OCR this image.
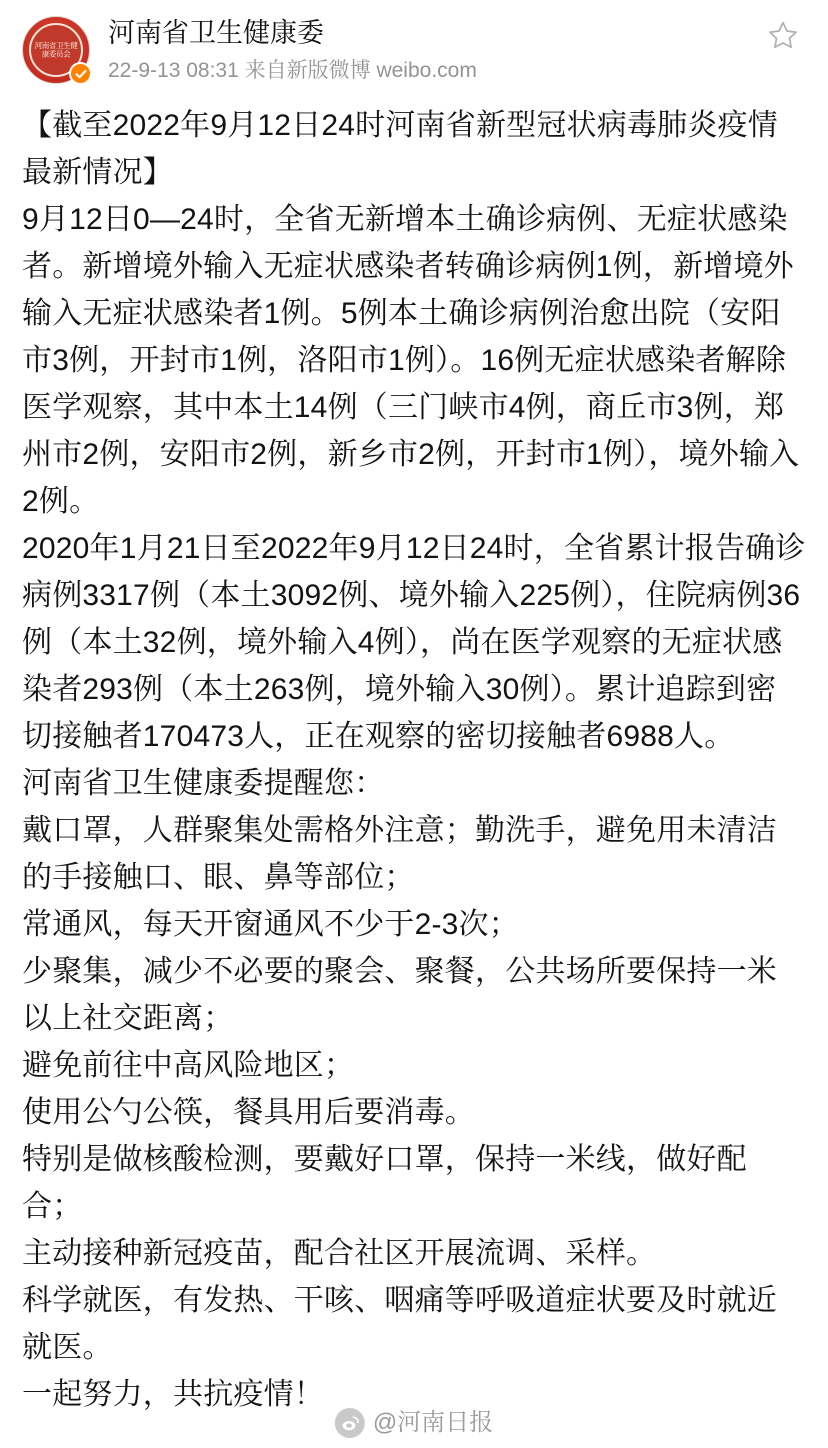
河南省卫生健康委员会
河南省卫生健康委
22-9-13 08:31 来自新版微博 weibo.com

【截至2022年9月12日24时河南省新型冠状病毒肺炎疫情最新情况】

9月12日0—24时，全省无新增本土确诊病例、无症状感染者。新增境外输入无症状感染者转确诊病例1例，新增境外输入无症状感染者1例。5例本土确诊病例治愈出院（安阳市3例，开封市1例，洛阳市1例）。16例无症状感染者解除医学观察，其中本土14例（三门峡市4例，商丘市3例，郑州市2例，安阳市2例，新乡市2例，开封市1例），境外输入2例。

2020年1月21日至2022年9月12日24时，全省累计报告确诊病例3317例（本土3092例、境外输入225例），住院病例36例（本土32例，境外输入4例），尚在医学观察的无症状感染者293例（本土263例，境外输入30例）。累计追踪到密切接触者170473人，正在观察的密切接触者6988人。

河南省卫生健康委提醒您：

戴口罩，人群聚集处需格外注意；勤洗手，避免用未清洁的手接触口、眼、鼻等部位；

常通风，每天开窗通风不少于2-3次；

少聚集，减少不必要的聚会、聚餐，公共场所要保持一米以上社交距离；

避免前往中高风险地区；

使用公勺公筷，餐具用后要消毒。

特别是做核酸检测，要戴好口罩，保持一米线，做好配合；

主动接种新冠疫苗，配合社区开展流调、采样。

科学就医，有发热、干咳、咽痛等呼吸道症状要及时就近就医。

一起努力，共抗疫情！

@河南日报
